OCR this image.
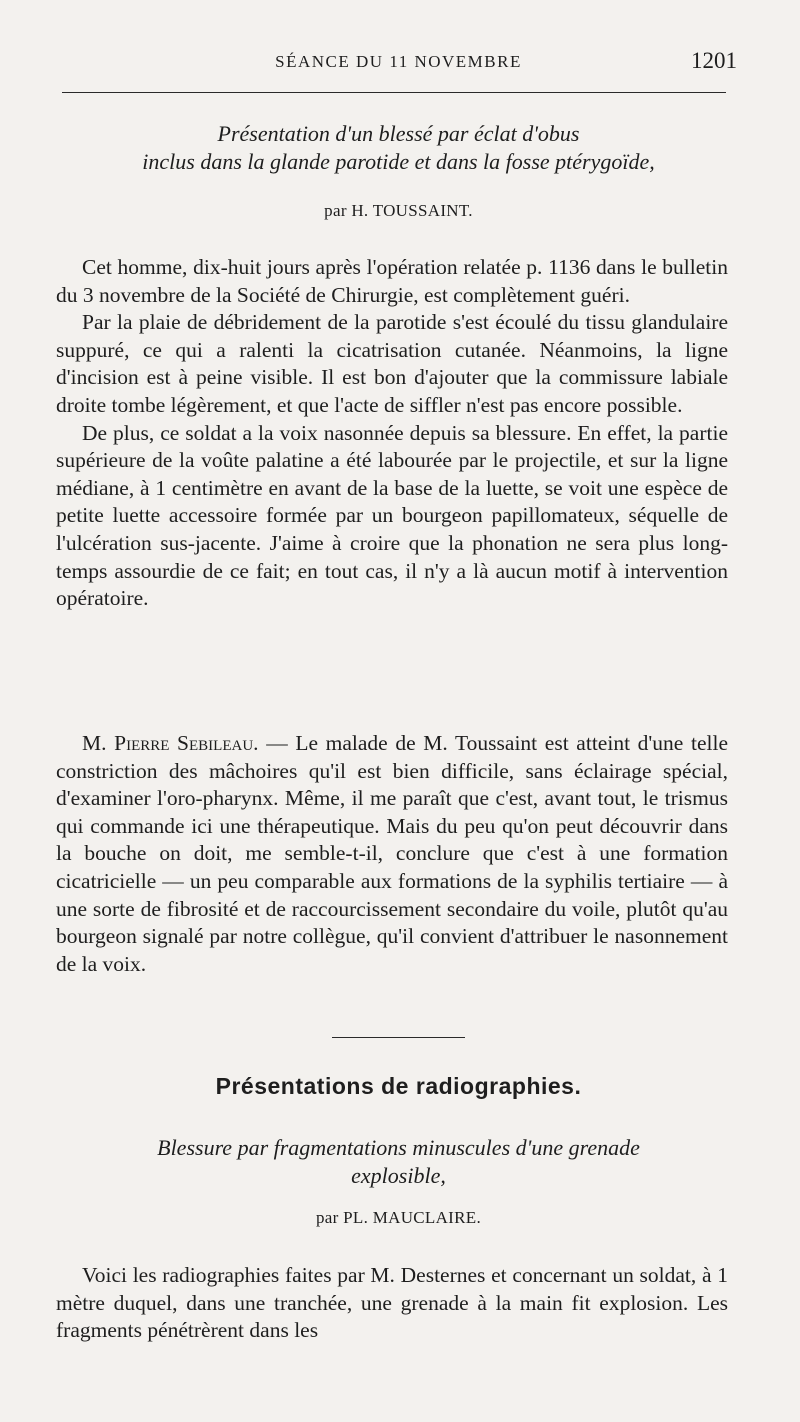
SÉANCE DU 11 NOVEMBRE	1201
Présentation d'un blessé par éclat d'obus
inclus dans la glande parotide et dans la fosse ptérygoïde,
par H. TOUSSAINT.

Cet homme, dix-huit jours après l'opération relatée p. 1136 dans le bulletin du 3 novembre de la Société de Chirurgie, est complètement guéri.

Par la plaie de débridement de la parotide s'est écoulé du tissu glandulaire suppuré, ce qui a ralenti la cicatrisation cutanée. Néanmoins, la ligne d'incision est à peine visible. Il est bon d'ajouter que la commissure labiale droite tombe légèrement, et que l'acte de siffler n'est pas encore possible.

De plus, ce soldat a la voix nasonnée depuis sa blessure. En effet, la partie supérieure de la voûte palatine a été labourée par le projectile, et sur la ligne médiane, à 1 centimètre en avant de la base de la luette, se voit une espèce de petite luette accessoire formée par un bourgeon papillomateux, séquelle de l'ulcération sus-jacente. J'aime à croire que la phonation ne sera plus long-temps assourdie de ce fait; en tout cas, il n'y a là aucun motif à intervention opératoire.

M. Pierre Sebileau. — Le malade de M. Toussaint est atteint d'une telle constriction des mâchoires qu'il est bien difficile, sans éclairage spécial, d'examiner l'oro-pharynx. Même, il me paraît que c'est, avant tout, le trismus qui commande ici une thérapeutique. Mais du peu qu'on peut découvrir dans la bouche on doit, me semble-t-il, conclure que c'est à une formation cicatricielle — un peu comparable aux formations de la syphilis tertiaire — à une sorte de fibrosité et de raccourcissement secondaire du voile, plutôt qu'au bourgeon signalé par notre collègue, qu'il convient d'attribuer le nasonnement de la voix.

Présentations de radiographies.
Blessure par fragmentations minuscules d'une grenade
explosible,
par PL. MAUCLAIRE.

Voici les radiographies faites par M. Desternes et concernant un soldat, à 1 mètre duquel, dans une tranchée, une grenade à la main fit explosion. Les fragments pénétrèrent dans les
